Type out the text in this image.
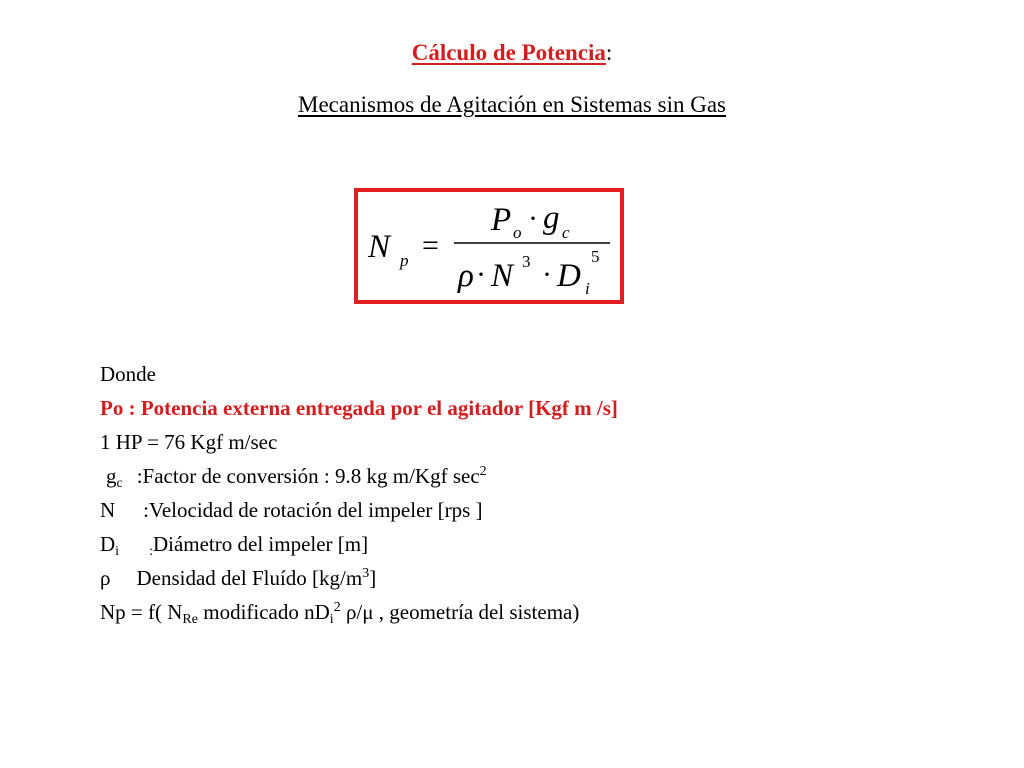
Cálculo de Potencia:
Mecanismos de Agitación en Sistemas sin Gas
N p =
P o · g c
ρ · N 3 · D i
5
Donde
Po : Potencia externa entregada por el agitador [Kgf m /s]
1 HP = 76 Kgf m/sec
$g_c$ :Factor de conversión : 9.8 kg m/Kgf $\sec^2$
N :Velocidad de rotación del impeler [rps ]
$D_i$ $_:$Diámetro del impeler [m]
ρ Densidad del Fluído $[kg/m^3]$
Np = f( $N_{Re}$ modificado $nD_i^2$ ρ/μ , geometría del sistema)
